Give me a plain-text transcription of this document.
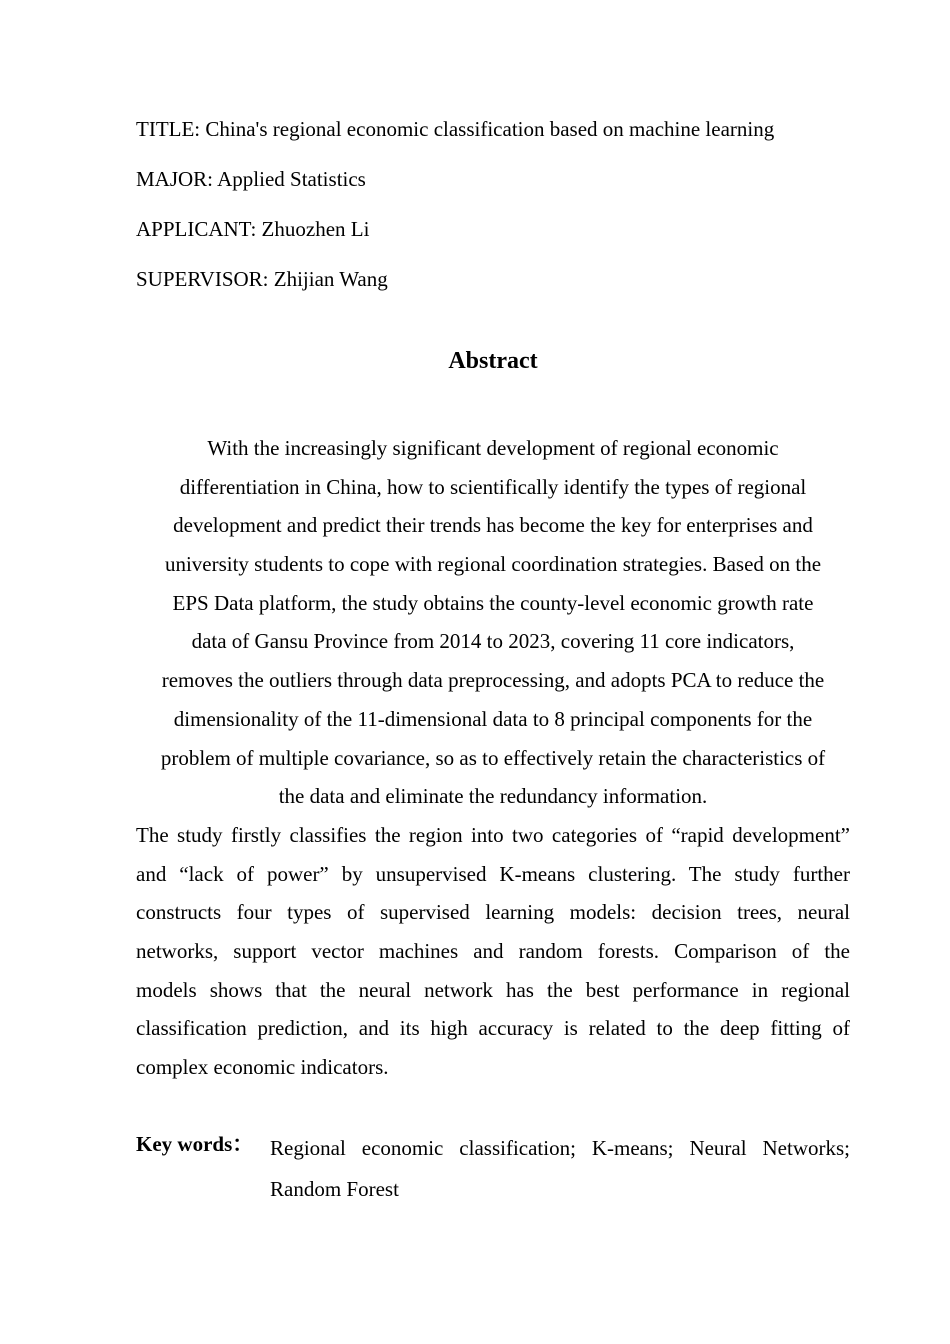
TITLE: China's regional economic classification based on machine learning
MAJOR: Applied Statistics
APPLICANT: Zhuozhen Li
SUPERVISOR: Zhijian Wang
Abstract
With the increasingly significant development of regional economic
differentiation in China, how to scientifically identify the types of regional
development and predict their trends has become the key for enterprises and
university students to cope with regional coordination strategies. Based on the
EPS Data platform, the study obtains the county-level economic growth rate
data of Gansu Province from 2014 to 2023, covering 11 core indicators,
removes the outliers through data preprocessing, and adopts PCA to reduce the
dimensionality of the 11-dimensional data to 8 principal components for the
problem of multiple covariance, so as to effectively retain the characteristics of
the data and eliminate the redundancy information.
The study firstly classifies the region into two categories of “rapid development”
and “lack of power” by unsupervised K-means clustering. The study further
constructs four types of supervised learning models: decision trees, neural
networks, support vector machines and random forests. Comparison of the
models shows that the neural network has the best performance in regional
classification prediction, and its high accuracy is related to the deep fitting of
complex economic indicators.
Key words： Regional economic classification; K-means; Neural Networks;
Random Forest
